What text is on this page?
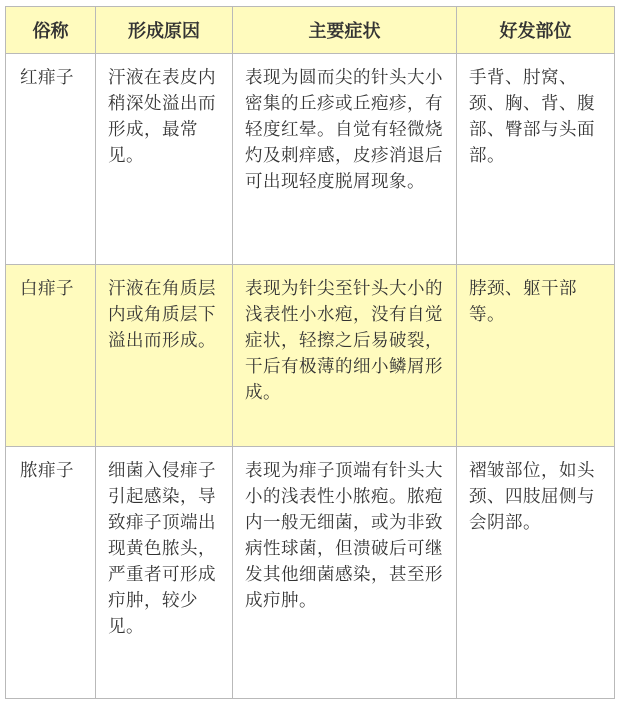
俗称	形成原因	主要症状	好发部位
红痱子	汗液在表皮内稍深处溢出而形成，最常见。	表现为圆而尖的针头大小密集的丘疹或丘疱疹，有轻度红晕。自觉有轻微烧灼及刺痒感，皮疹消退后可出现轻度脱屑现象。	手背、肘窝、颈、胸、背、腹部、臀部与头面部。
白痱子	汗液在角质层内或角质层下溢出而形成。	表现为针尖至针头大小的浅表性小水疱，没有自觉症状，轻擦之后易破裂，干后有极薄的细小鳞屑形成。	脖颈、躯干部等。
脓痱子	细菌入侵痱子引起感染，导致痱子顶端出现黄色脓头，严重者可形成疖肿，较少见。	表现为痱子顶端有针头大小的浅表性小脓疱。脓疱内一般无细菌，或为非致病性球菌，但溃破后可继发其他细菌感染，甚至形成疖肿。	褶皱部位，如头颈、四肢屈侧与会阴部。
